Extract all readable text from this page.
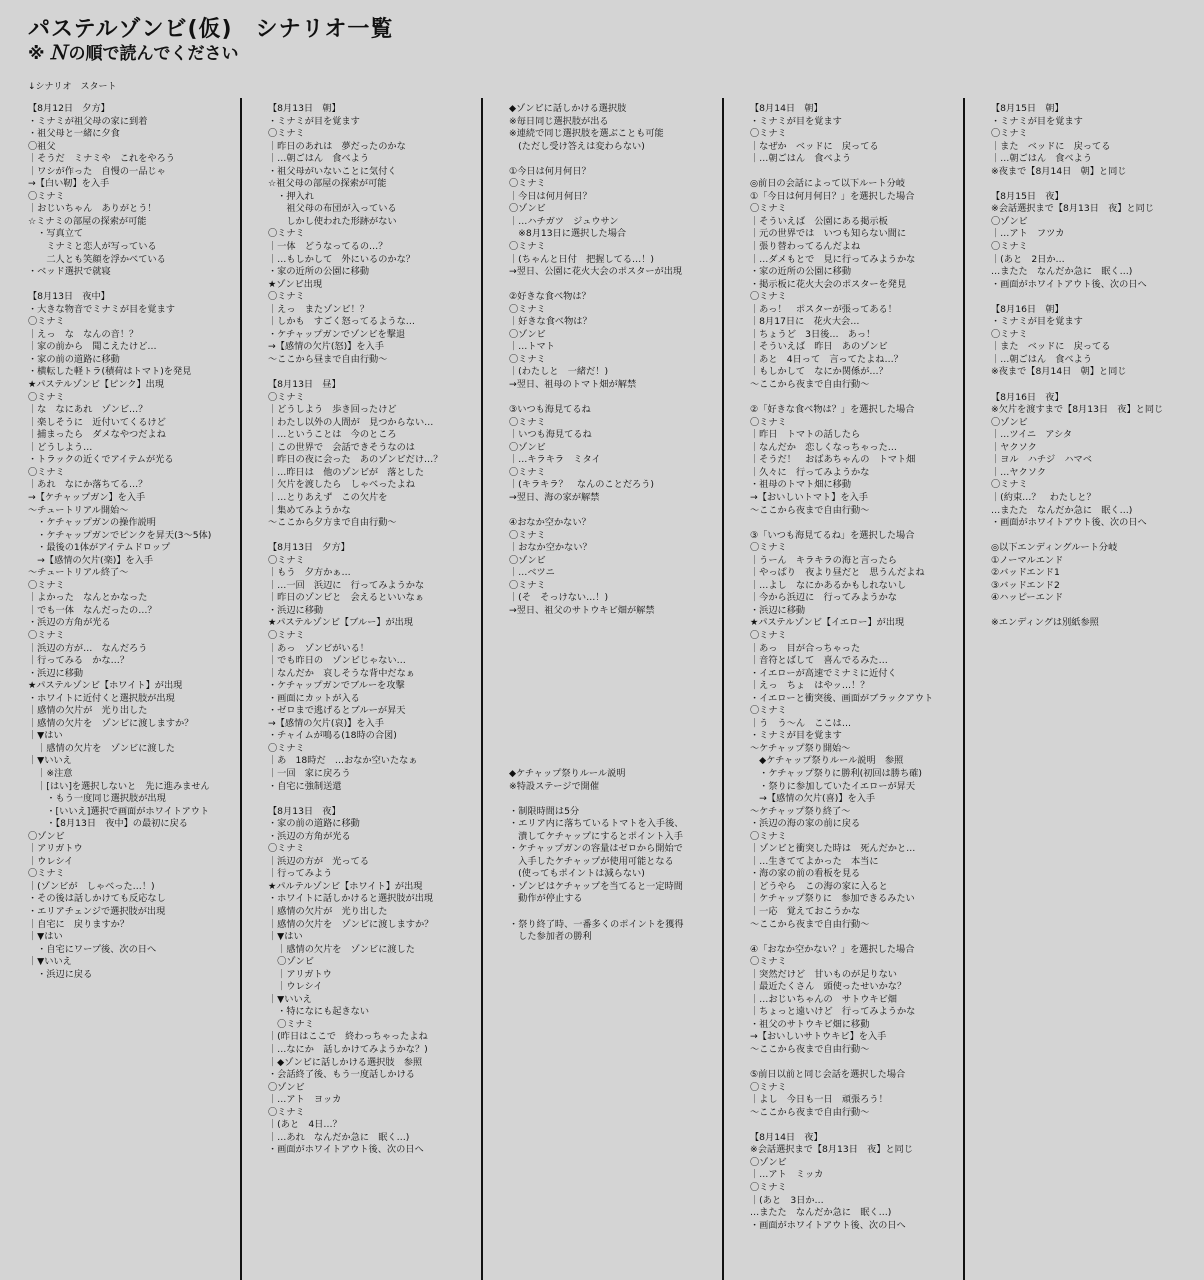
パステルゾンビ(仮)　シナリオ一覧
※ Ｎ の順で読んでください
↓シナリオ　スタート
【8月12日　夕方】
・ミナミが祖父母の家に到着
・祖父母と一緒に夕食
〇祖父
｜そうだ　ミナミや　これをやろう
｜ワシが作った　自慢の一品じゃ
→【白い靭】を入手
〇ミナミ
｜おじいちゃん　ありがとう！
☆ミナミの部屋の探索が可能
　・写真立て
　　ミナミと恋人が写っている
　　二人とも笑顔を浮かべている
・ベッド選択で就寝
【8月13日　夜中】
・大きな物音でミナミが目を覚ます
〇ミナミ
｜えっ　な　なんの音！？
｜家の前から　聞こえたけど…
・家の前の道路に移動
・横転した軽トラ(積荷はトマト)を発見
★パステルゾンビ【ピンク】出現
〇ミナミ
｜な　なにあれ　ゾンビ…？
｜楽しそうに　近付いてくるけど
｜捕まったら　ダメなやつだよね
｜どうしよう…
・トラックの近くでアイテムが光る
〇ミナミ
｜あれ　なにか落ちてる…？
→【ケチャップガン】を入手
～チュートリアル開始～
　・ケチャップガンの操作説明
　・ケチャップガンでピンクを昇天(3～5体)
　・最後の1体がアイテムドロップ
　→【感情の欠片(楽)】を入手
～チュートリアル終了～
〇ミナミ
｜よかった　なんとかなった
｜でも一体　なんだったの…？
・浜辺の方角が光る
〇ミナミ
｜浜辺の方が…　なんだろう
｜行ってみる　かな…？
・浜辺に移動
★パステルゾンビ【ホワイト】が出現
・ホワイトに近付くと選択肢が出現
｜感情の欠片が　光り出した
｜感情の欠片を　ゾンビに渡しますか？
｜▼はい
　｜感情の欠片を　ゾンビに渡した
｜▼いいえ
　｜※注意
　｜[はい]を選択しないと　先に進みません
　　・もう一度同じ選択肢が出現
　　・[いいえ]選択で画面がホワイトアウト
　　・【8月13日　夜中】の最初に戻る
〇ゾンビ
｜アリガトウ
｜ウレシイ
〇ミナミ
｜(ゾンビが　しゃべった…！)
・その後は話しかけても反応なし
・エリアチェンジで選択肢が出現
｜自宅に　戻りますか？
｜▼はい
　・自宅にワープ後、次の日へ
｜▼いいえ
　・浜辺に戻る
【8月13日　朝】
・ミナミが目を覚ます
〇ミナミ
｜昨日のあれは　夢だったのかな
｜…朝ごはん　食べよう
・祖父母がいないことに気付く
☆祖父母の部屋の探索が可能
　・押入れ
　　祖父母の布団が入っている
　　しかし使われた形跡がない
〇ミナミ
｜一体　どうなってるの…？
｜…もしかして　外にいるのかな？
・家の近所の公園に移動
★ゾンビ出現
〇ミナミ
｜えっ　またゾンビ！？
｜しかも　すごく怒ってるような…
・ケチャップガンでゾンビを撃退
→【感情の欠片(怒)】を入手
～ここから昼まで自由行動～
【8月13日　昼】
〇ミナミ
｜どうしよう　歩き回ったけど
｜わたし以外の人間が　見つからない…
｜…ということは　今のところ
｜この世界で　会話できそうなのは
｜昨日の夜に会った　あのゾンビだけ…？
｜…昨日は　他のゾンビが　落とした
｜欠片を渡したら　しゃべったよね
｜…とりあえず　この欠片を
｜集めてみようかな
～ここから夕方まで自由行動～
【8月13日　夕方】
〇ミナミ
｜もう　夕方かぁ…
｜…一回　浜辺に　行ってみようかな
｜昨日のゾンビと　会えるといいなぁ
・浜辺に移動
★パステルゾンビ【ブルー】が出現
〇ミナミ
｜あっ　ゾンビがいる！
｜でも昨日の　ゾンビじゃない…
｜なんだか　哀しそうな背中だなぁ
・ケチャップガンでブルーを攻撃
・画面にカットが入る
・ゼロまで逃げるとブルーが昇天
→【感情の欠片(哀)】を入手
・チャイムが鳴る(18時の合図)
〇ミナミ
｜あ　18時だ　…おなか空いたなぁ
｜一回　家に戻ろう
・自宅に強制送還
【8月13日　夜】
・家の前の道路に移動
・浜辺の方角が光る
〇ミナミ
｜浜辺の方が　光ってる
｜行ってみよう
★パルテルゾンビ【ホワイト】が出現
・ホワイトに話しかけると選択肢が出現
｜感情の欠片が　光り出した
｜感情の欠片を　ゾンビに渡しますか？
｜▼はい
　｜感情の欠片を　ゾンビに渡した
　〇ゾンビ
　｜アリガトウ
　｜ウレシイ
｜▼いいえ
　・特になにも起きない
　〇ミナミ
｜(昨日はここで　終わっちゃったよね
｜…なにか　話しかけてみようかな？)
｜◆ゾンビに話しかける選択肢　参照
・会話終了後、もう一度話しかける
〇ゾンビ
｜…アト　ヨッカ
〇ミナミ
｜(あと　4日…？
｜…あれ　なんだか急に　眠く…)
・画面がホワイトアウト後、次の日へ
◆ゾンビに話しかける選択肢
※毎日同じ選択肢が出る
※連続で同じ選択肢を選ぶことも可能
　(ただし受け答えは変わらない)
①今日は何月何日？
〇ミナミ
｜今日は何月何日？
〇ゾンビ
｜…ハチガツ　ジュウサン
　※8月13日に選択した場合
〇ミナミ
｜(ちゃんと日付　把握してる…！)
→翌日、公園に花火大会のポスターが出現
②好きな食べ物は？
〇ミナミ
｜好きな食べ物は？
〇ゾンビ
｜…トマト
〇ミナミ
｜(わたしと　一緒だ！)
→翌日、祖母のトマト畑が解禁
③いつも海見てるね
〇ミナミ
｜いつも海見てるね
〇ゾンビ
｜…キラキラ　ミタイ
〇ミナミ
｜(キラキラ？　なんのことだろう)
→翌日、海の家が解禁
④おなか空かない？
〇ミナミ
｜おなか空かない？
〇ゾンビ
｜…ベツニ
〇ミナミ
｜(そ　そっけない…！)
→翌日、祖父のサトウキビ畑が解禁
◆ケチャップ祭りルール説明
※特設ステージで開催
・制限時間は5分
・エリア内に落ちているトマトを入手後、
　潰してケチャップにするとポイント入手
・ケチャップガンの容量はゼロから開始で
　入手したケチャップが使用可能となる
　(使ってもポイントは減らない)
・ゾンビはケチャップを当てると一定時間
　動作が停止する
・祭り終了時、一番多くのポイントを獲得
　した参加者の勝利
【8月14日　朝】
・ミナミが目を覚ます
〇ミナミ
｜なぜか　ベッドに　戻ってる
｜…朝ごはん　食べよう
◎前日の会話によって以下ルート分岐
①「今日は何月何日？」を選択した場合
〇ミナミ
｜そういえば　公園にある掲示板
｜元の世界では　いつも知らない間に
｜張り替わってるんだよね
｜…ダメもとで　見に行ってみようかな
・家の近所の公園に移動
・掲示板に花火大会のポスターを発見
〇ミナミ
｜あっ！　ポスターが張ってある！
｜8月17日に　花火大会…
｜ちょうど　3日後…　あっ！
｜そういえば　昨日　あのゾンビ
｜あと　4日って　言ってたよね…？
｜もしかして　なにか関係が…？
～ここから夜まで自由行動～
②「好きな食べ物は？」を選択した場合
〇ミナミ
｜昨日　トマトの話したら
｜なんだか　恋しくなっちゃった…
｜そうだ！　おばあちゃんの　トマト畑
｜久々に　行ってみようかな
・祖母のトマト畑に移動
→【おいしいトマト】を入手
～ここから夜まで自由行動～
③「いつも海見てるね」を選択した場合
〇ミナミ
｜うーん　キラキラの海と言ったら
｜やっぱり　夜より昼だと　思うんだよね
｜…よし　なにかあるかもしれないし
｜今から浜辺に　行ってみようかな
・浜辺に移動
★パステルゾンビ【イエロー】が出現
〇ミナミ
｜あっ　目が合っちゃった
｜音符とばして　喜んでるみた…
・イエローが高速でミナミに近付く
｜えっ　ちょ　はやッ…！？
・イエローと衝突後、画面がブラックアウト
〇ミナミ
｜う　う～ん　ここは…
・ミナミが目を覚ます
～ケチャップ祭り開始～
　◆ケチャップ祭りルール説明　参照
　・ケチャップ祭りに勝利(初回は勝ち確)
　・祭りに参加していたイエローが昇天
　→【感情の欠片(喜)】を入手
～ケチャップ祭り終了～
・浜辺の海の家の前に戻る
〇ミナミ
｜ゾンビと衝突した時は　死んだかと…
｜…生きててよかった　本当に
・海の家の前の看板を見る
｜どうやら　この海の家に入ると
｜ケチャップ祭りに　参加できるみたい
｜一応　覚えておこうかな
～ここから夜まで自由行動～
④「おなか空かない？」を選択した場合
〇ミナミ
｜突然だけど　甘いものが足りない
｜最近たくさん　頭使ったせいかな？
｜…おじいちゃんの　サトウキビ畑
｜ちょっと遠いけど　行ってみようかな
・祖父のサトウキビ畑に移動
→【おいしいサトウキビ】を入手
～ここから夜まで自由行動～
⑤前日以前と同じ会話を選択した場合
〇ミナミ
｜よし　今日も一日　頑張ろう！
～ここから夜まで自由行動～
【8月14日　夜】
※会話選択まで【8月13日　夜】と同じ
〇ゾンビ
｜…アト　ミッカ
〇ミナミ
｜(あと　3日か…
…またた　なんだか急に　眠く…)
・画面がホワイトアウト後、次の日へ
【8月15日　朝】
・ミナミが目を覚ます
〇ミナミ
｜また　ベッドに　戻ってる
｜…朝ごはん　食べよう
※夜まで【8月14日　朝】と同じ
【8月15日　夜】
※会話選択まで【8月13日　夜】と同じ
〇ゾンビ
｜…アト　フツカ
〇ミナミ
｜(あと　2日か…
…またた　なんだか急に　眠く…)
・画面がホワイトアウト後、次の日へ
【8月16日　朝】
・ミナミが目を覚ます
〇ミナミ
｜また　ベッドに　戻ってる
｜…朝ごはん　食べよう
※夜まで【8月14日　朝】と同じ
【8月16日　夜】
※欠片を渡すまで【8月13日　夜】と同じ
〇ゾンビ
｜…ツイニ　アシタ
｜ヤクソク
｜ヨル　ハチジ　ハマベ
｜…ヤクソク
〇ミナミ
｜(約束…？　わたしと？
…またた　なんだか急に　眠く…)
・画面がホワイトアウト後、次の日へ
◎以下エンディングルート分岐
①ノーマルエンド
②バッドエンド1
③バッドエンド2
④ハッピーエンド
※エンディングは別紙参照
